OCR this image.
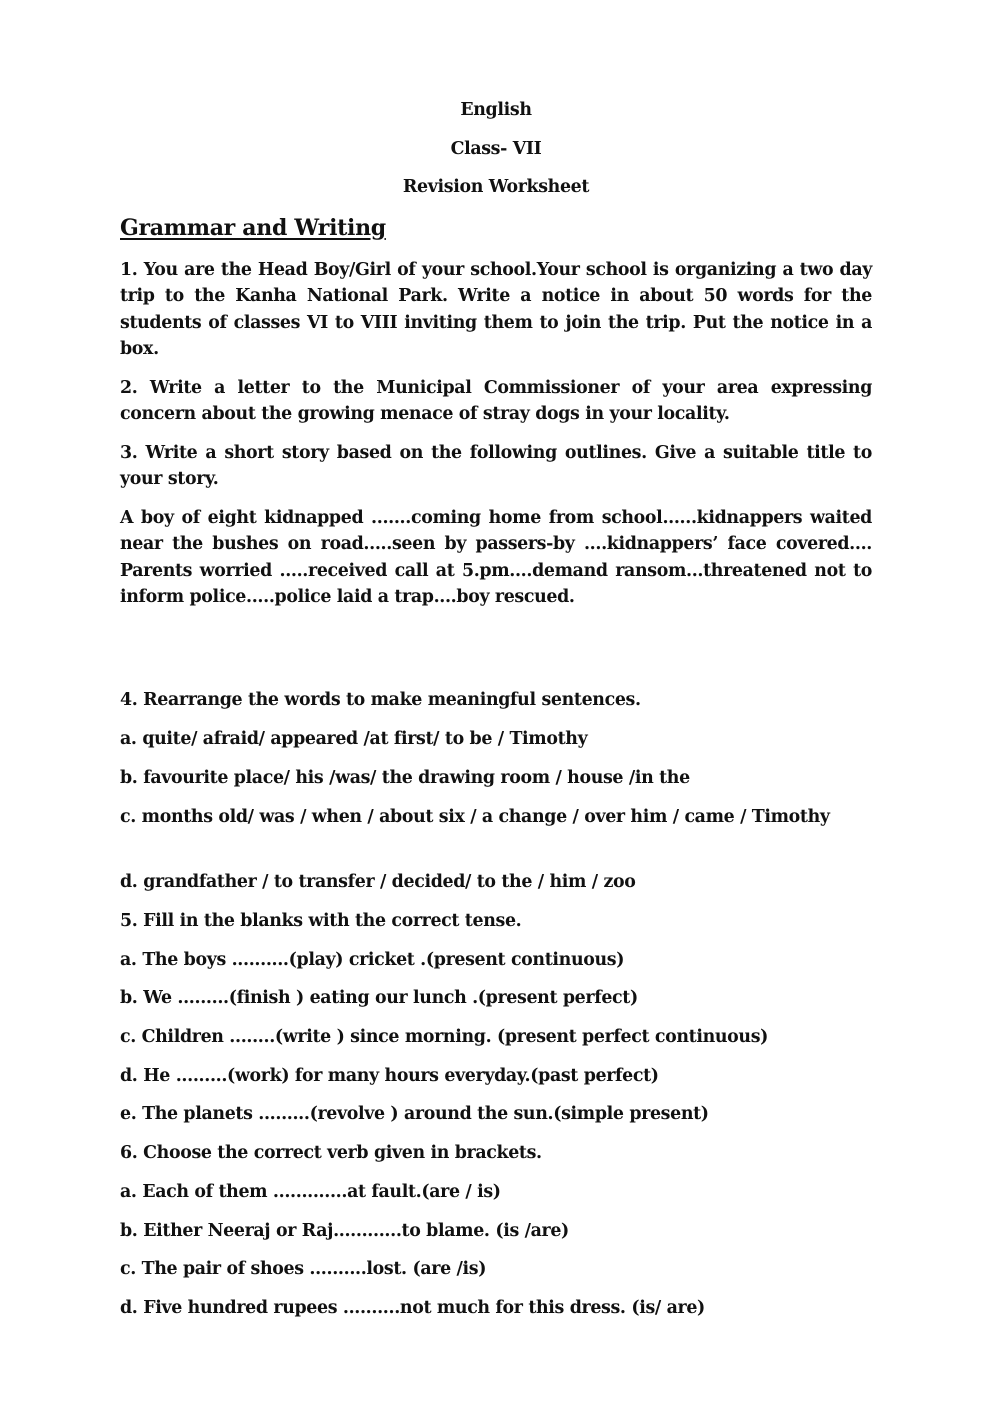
English
Class- VII
Revision Worksheet
Grammar and Writing
1. You are the Head Boy/Girl of your school.Your school is organizing a two day trip to the Kanha National Park. Write a notice in about 50 words for the students of classes VI to VIII inviting them to join the trip. Put the notice in a box.
2. Write a letter to the Municipal Commissioner of your area expressing concern about the growing menace of stray dogs in your locality.
3. Write a short story based on the following outlines. Give a suitable title to your story.
A boy of eight kidnapped .......coming home from school......kidnappers waited near the bushes on road.....seen by passers-by ....kidnappers’ face covered.... Parents worried .....received call at 5.pm....demand ransom...threatened not to inform police.....police laid a trap....boy rescued.
4. Rearrange the words to make meaningful sentences.
a. quite/ afraid/ appeared /at first/ to be / Timothy
b. favourite place/ his /was/ the drawing room / house /in the
c. months old/ was / when / about six / a change / over him / came / Timothy
d. grandfather / to transfer / decided/ to the / him / zoo
5. Fill in the blanks with the correct tense.
a. The boys ..........(play) cricket .(present continuous)
b. We .........(finish ) eating our lunch .(present perfect)
c. Children ........(write ) since morning. (present perfect continuous)
d. He .........(work) for many hours everyday.(past perfect)
e. The planets .........(revolve ) around the sun.(simple present)
6. Choose the correct verb given in brackets.
a. Each of them .............at fault.(are / is)
b. Either Neeraj or Raj............to blame. (is /are)
c. The pair of shoes ..........lost. (are /is)
d. Five hundred rupees ..........not much for this dress. (is/ are)
